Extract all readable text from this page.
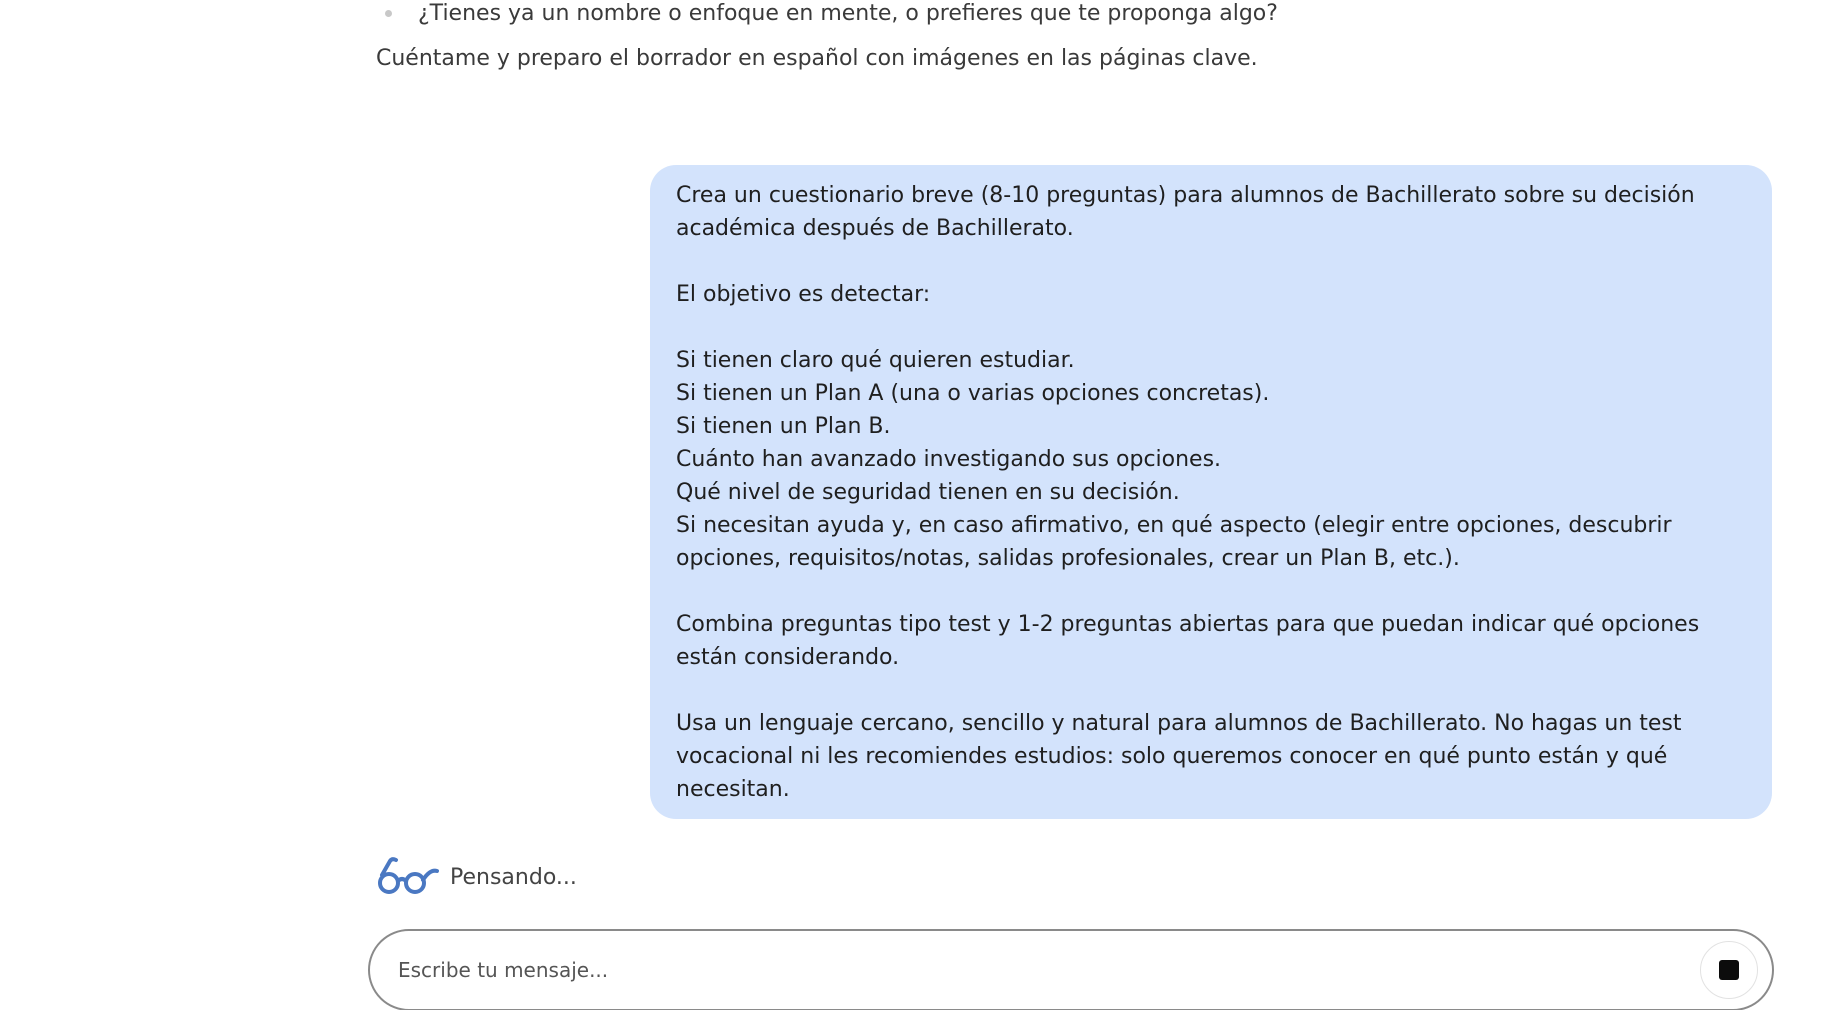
¿Tienes ya un nombre o enfoque en mente, o prefieres que te proponga algo?
Cuéntame y preparo el borrador en español con imágenes en las páginas clave.

Crea un cuestionario breve (8-10 preguntas) para alumnos de Bachillerato sobre su decisión

académica después de Bachillerato.

El objetivo es detectar:

Si tienen claro qué quieren estudiar.

Si tienen un Plan A (una o varias opciones concretas).

Si tienen un Plan B.

Cuánto han avanzado investigando sus opciones.

Qué nivel de seguridad tienen en su decisión.

Si necesitan ayuda y, en caso afirmativo, en qué aspecto (elegir entre opciones, descubrir

opciones, requisitos/notas, salidas profesionales, crear un Plan B, etc.).

Combina preguntas tipo test y 1-2 preguntas abiertas para que puedan indicar qué opciones

están considerando.

Usa un lenguaje cercano, sencillo y natural para alumnos de Bachillerato. No hagas un test

vocacional ni les recomiendes estudios: solo queremos conocer en qué punto están y qué

necesitan.

Pensando...
Escribe tu mensaje...
